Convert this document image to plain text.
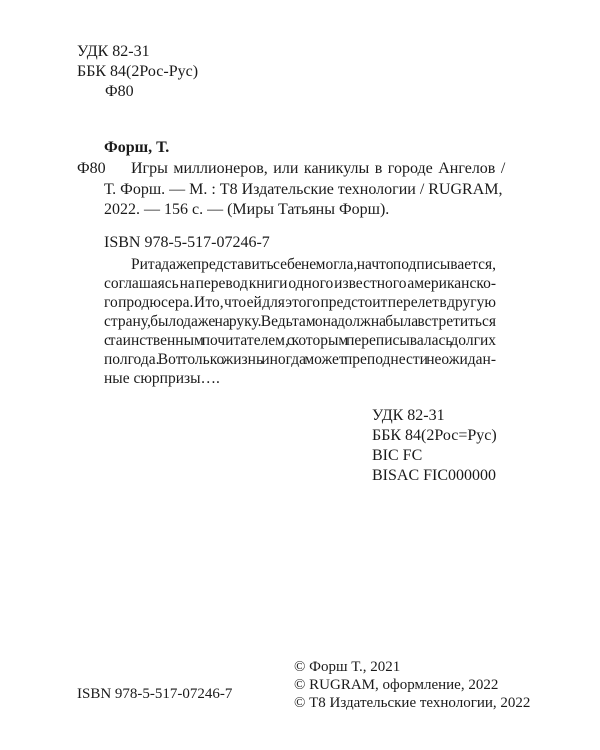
УДК 82-31
ББК 84(2Рос-Рус)
Ф80
Форш, Т.
Ф80 Игры миллионеров, или каникулы в городе Ангелов /
Т. Форш. — М. : Т8 Издательские технологии / RUGRAM,
2022. — 156 с. — (Миры Татьяны Форш).
ISBN 978-5-517-07246-7
Рита даже представить себе не могла, на что подписывается,
соглашаясь на перевод книги одного известного американско-
го продюсера. И то, что ей для этого предстоит перелет в другую
страну, было даже на руку. Ведь там она должна была встретиться
с таинственным почитателем, с которым переписывалась долгих
полгода. Вот только жизнь иногда может преподнести неожидан-
ные сюрпризы….
УДК 82-31
ББК 84(2Рос=Рус)
BIC FC
BISAC FIC000000
© Форш Т., 2021
© RUGRAM, оформление, 2022
ISBN 978-5-517-07246-7
© Т8 Издательские технологии, 2022
